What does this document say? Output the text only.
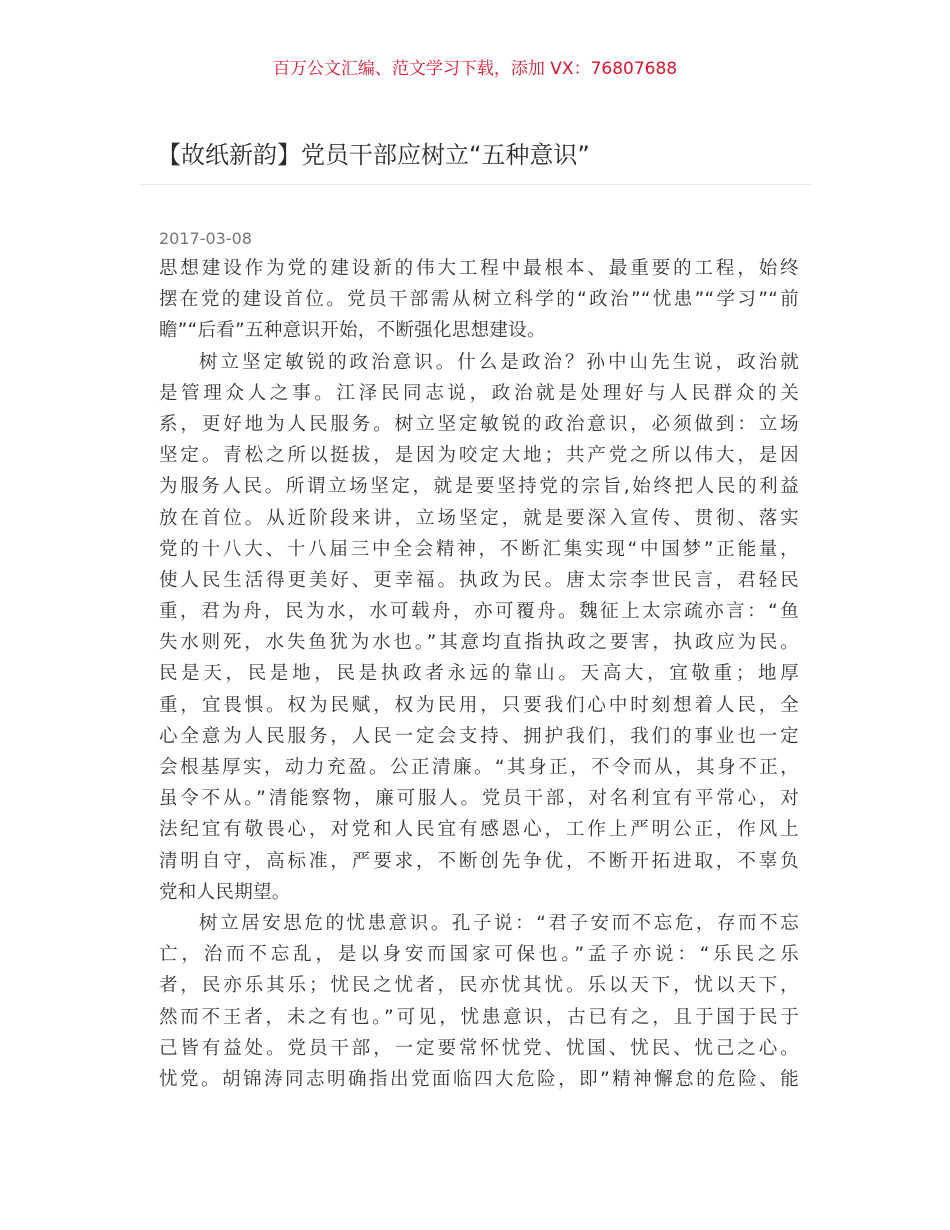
百万公文汇编、范文学习下载，添加 VX：76807688
【故纸新韵】党员干部应树立“五种意识”
2017-03-08
思想建设作为党的建设新的伟大工程中最根本、最重要的工程，始终
摆在党的建设首位。党员干部需从树立科学的“政治”“忧患”“学习”“前
瞻”“后看”五种意识开始，不断强化思想建设。
树立坚定敏锐的政治意识。什么是政治？孙中山先生说，政治就
是管理众人之事。江泽民同志说，政治就是处理好与人民群众的关
系，更好地为人民服务。树立坚定敏锐的政治意识，必须做到：立场
坚定。青松之所以挺拔，是因为咬定大地；共产党之所以伟大，是因
为服务人民。所谓立场坚定，就是要坚持党的宗旨,始终把人民的利益
放在首位。从近阶段来讲，立场坚定，就是要深入宣传、贯彻、落实
党的十八大、十八届三中全会精神，不断汇集实现“中国梦”正能量，
使人民生活得更美好、更幸福。执政为民。唐太宗李世民言，君轻民
重，君为舟，民为水，水可载舟，亦可覆舟。魏征上太宗疏亦言：“鱼
失水则死，水失鱼犹为水也。”其意均直指执政之要害，执政应为民。
民是天，民是地，民是执政者永远的靠山。天高大，宜敬重；地厚
重，宜畏惧。权为民赋，权为民用，只要我们心中时刻想着人民，全
心全意为人民服务，人民一定会支持、拥护我们，我们的事业也一定
会根基厚实，动力充盈。公正清廉。“其身正，不令而从，其身不正，
虽令不从。”清能察物，廉可服人。党员干部，对名利宜有平常心，对
法纪宜有敬畏心，对党和人民宜有感恩心，工作上严明公正，作风上
清明自守，高标准，严要求，不断创先争优，不断开拓进取，不辜负
党和人民期望。
树立居安思危的忧患意识。孔子说：“君子安而不忘危，存而不忘
亡，治而不忘乱，是以身安而国家可保也。”孟子亦说：“乐民之乐
者，民亦乐其乐；忧民之忧者，民亦忧其忧。乐以天下，忧以天下，
然而不王者，未之有也。”可见，忧患意识，古已有之，且于国于民于
己皆有益处。党员干部，一定要常怀忧党、忧国、忧民、忧己之心。
忧党。胡锦涛同志明确指出党面临四大危险，即”精神懈怠的危险、能
